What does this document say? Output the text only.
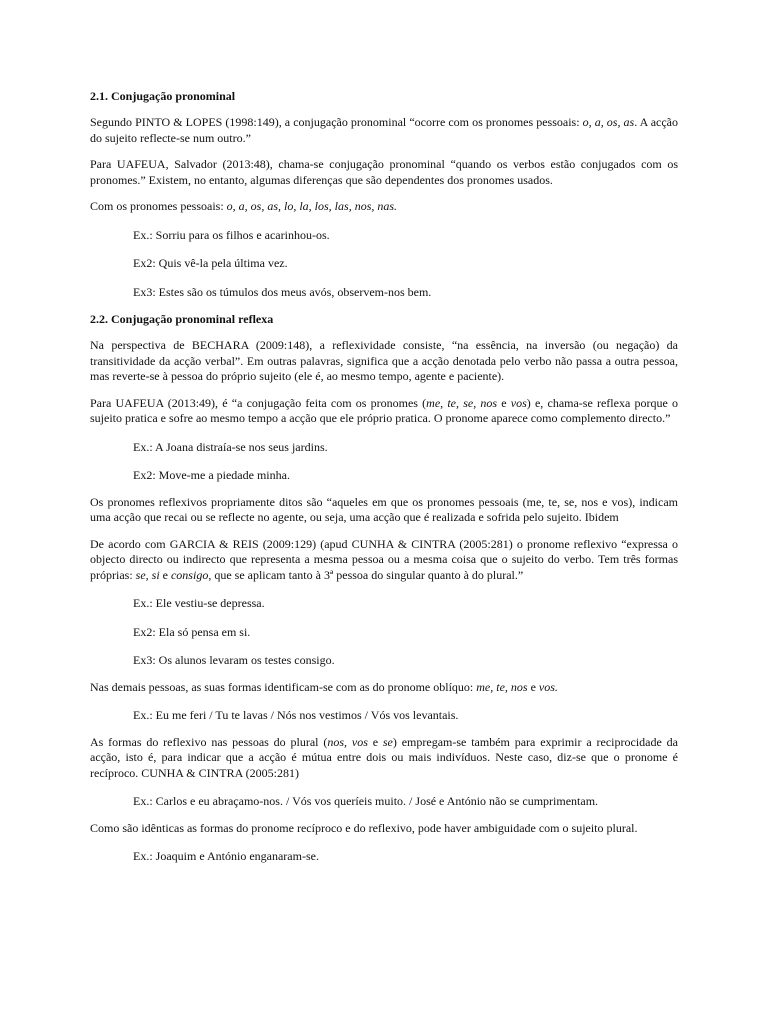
2.1. Conjugação pronominal
Segundo PINTO & LOPES (1998:149), a conjugação pronominal “ocorre com os pronomes pessoais: o, a, os, as. A acção do sujeito reflecte-se num outro.”
Para UAFEUA, Salvador (2013:48), chama-se conjugação pronominal “quando os verbos estão conjugados com os pronomes.” Existem, no entanto, algumas diferenças que são dependentes dos pronomes usados.
Com os pronomes pessoais: o, a, os, as, lo, la, los, las, nos, nas.
Ex.: Sorriu para os filhos e acarinhou-os.
Ex2: Quis vê-la pela última vez.
Ex3: Estes são os túmulos dos meus avós, observem-nos bem.
2.2. Conjugação pronominal reflexa
Na perspectiva de BECHARA (2009:148), a reflexividade consiste, “na essência, na inversão (ou negação) da transitividade da acção verbal”. Em outras palavras, significa que a acção denotada pelo verbo não passa a outra pessoa, mas reverte-se à pessoa do próprio sujeito (ele é, ao mesmo tempo, agente e paciente).
Para UAFEUA (2013:49), é “a conjugação feita com os pronomes (me, te, se, nos e vos) e, chama-se reflexa porque o sujeito pratica e sofre ao mesmo tempo a acção que ele próprio pratica. O pronome aparece como complemento directo.”
Ex.: A Joana distraía-se nos seus jardins.
Ex2: Move-me a piedade minha.
Os pronomes reflexivos propriamente ditos são “aqueles em que os pronomes pessoais (me, te, se, nos e vos), indicam uma acção que recai ou se reflecte no agente, ou seja, uma acção que é realizada e sofrida pelo sujeito. Ibidem
De acordo com GARCIA & REIS (2009:129) (apud CUNHA & CINTRA (2005:281) o pronome reflexivo “expressa o objecto directo ou indirecto que representa a mesma pessoa ou a mesma coisa que o sujeito do verbo. Tem três formas próprias: se, si e consigo, que se aplicam tanto à 3ª pessoa do singular quanto à do plural.”
Ex.: Ele vestiu-se depressa.
Ex2: Ela só pensa em si.
Ex3: Os alunos levaram os testes consigo.
Nas demais pessoas, as suas formas identificam-se com as do pronome oblíquo: me, te, nos e vos.
Ex.: Eu me feri / Tu te lavas / Nós nos vestimos / Vós vos levantais.
As formas do reflexivo nas pessoas do plural (nos, vos e se) empregam-se também para exprimir a reciprocidade da acção, isto é, para indicar que a acção é mútua entre dois ou mais indivíduos. Neste caso, diz-se que o pronome é recíproco. CUNHA & CINTRA (2005:281)
Ex.: Carlos e eu abraçamo-nos. / Vós vos queríeis muito. / José e António não se cumprimentam.
Como são idênticas as formas do pronome recíproco e do reflexivo, pode haver ambiguidade com o sujeito plural.
Ex.: Joaquim e António enganaram-se.
